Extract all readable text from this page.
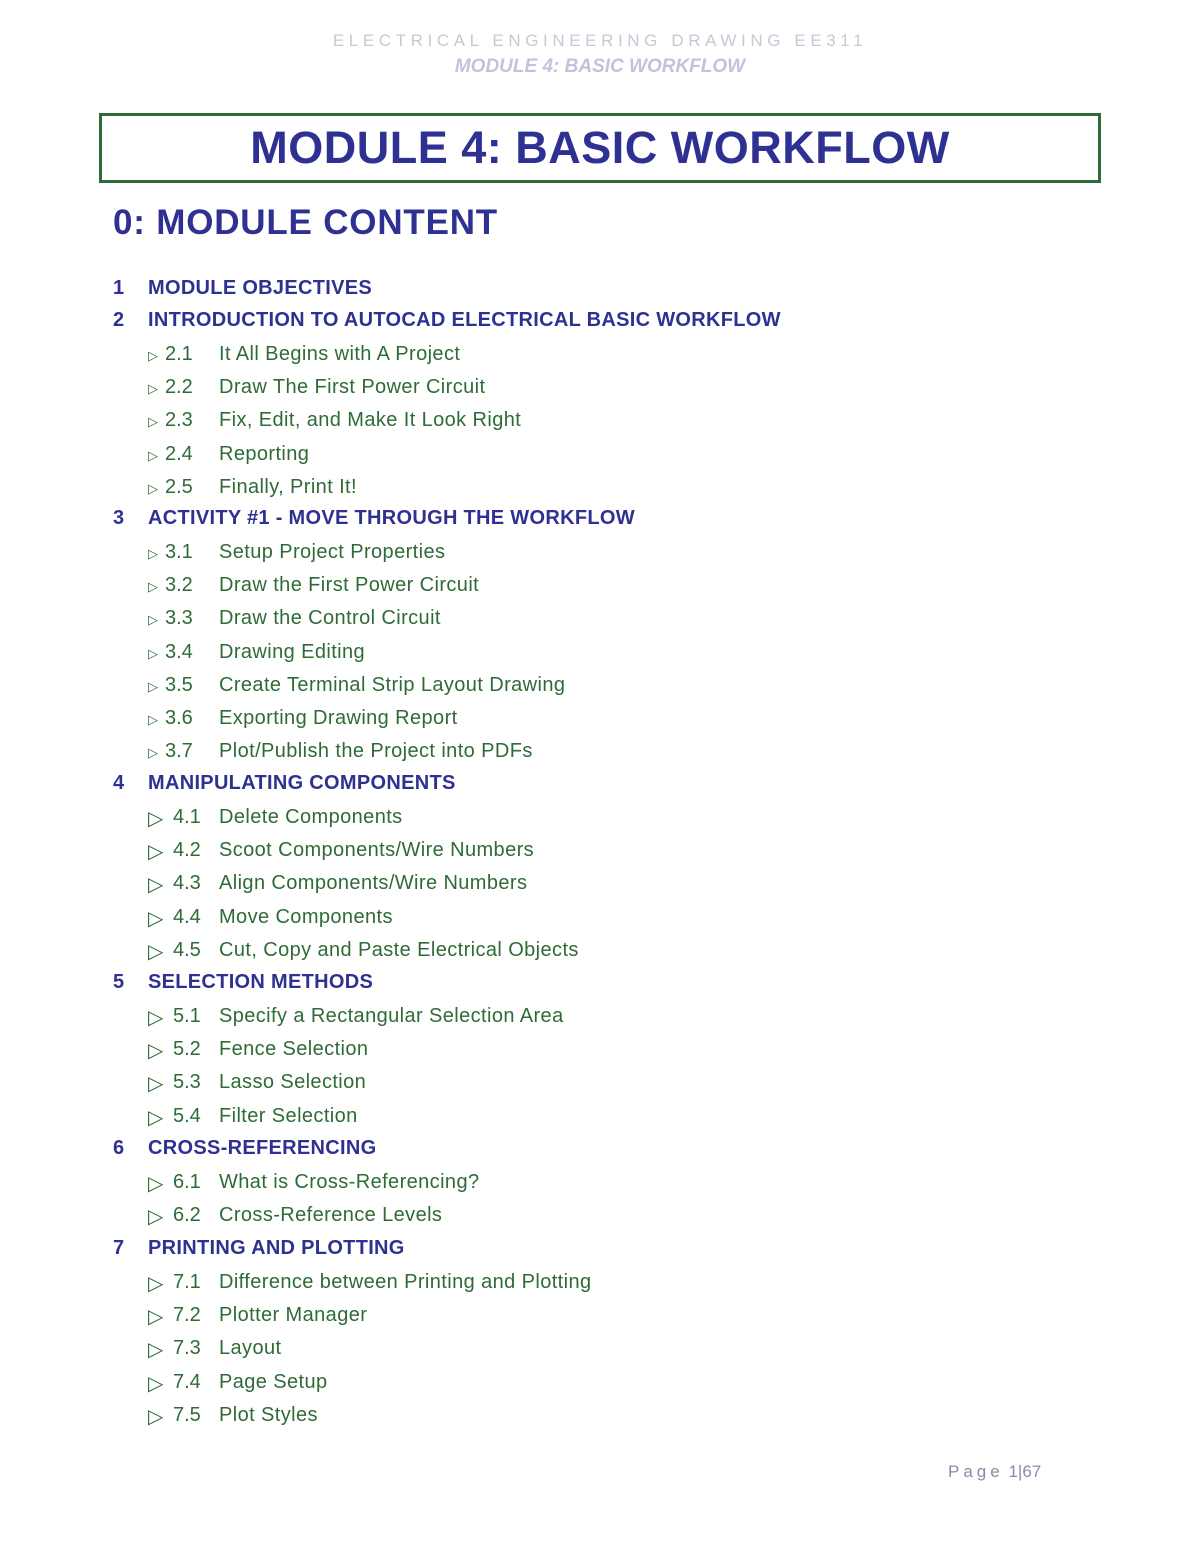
ELECTRICAL ENGINEERING DRAWING EE311
MODULE 4: BASIC WORKFLOW
MODULE 4: BASIC WORKFLOW
0: MODULE CONTENT
1 MODULE OBJECTIVES
2 INTRODUCTION TO AUTOCAD ELECTRICAL BASIC WORKFLOW
▷ 2.1 It All Begins with A Project
▷ 2.2 Draw The First Power Circuit
▷ 2.3 Fix, Edit, and Make It Look Right
▷ 2.4 Reporting
▷ 2.5 Finally, Print It!
3 ACTIVITY #1 - MOVE THROUGH THE WORKFLOW
▷ 3.1 Setup Project Properties
▷ 3.2 Draw the First Power Circuit
▷ 3.3 Draw the Control Circuit
▷ 3.4 Drawing Editing
▷ 3.5 Create Terminal Strip Layout Drawing
▷ 3.6 Exporting Drawing Report
▷ 3.7 Plot/Publish the Project into PDFs
4 MANIPULATING COMPONENTS
▷ 4.1 Delete Components
▷ 4.2 Scoot Components/Wire Numbers
▷ 4.3 Align Components/Wire Numbers
▷ 4.4 Move Components
▷ 4.5 Cut, Copy and Paste Electrical Objects
5 SELECTION METHODS
▷ 5.1 Specify a Rectangular Selection Area
▷ 5.2 Fence Selection
▷ 5.3 Lasso Selection
▷ 5.4 Filter Selection
6 CROSS-REFERENCING
▷ 6.1 What is Cross-Referencing?
▷ 6.2 Cross-Reference Levels
7 PRINTING AND PLOTTING
▷ 7.1 Difference between Printing and Plotting
▷ 7.2 Plotter Manager
▷ 7.3 Layout
▷ 7.4 Page Setup
▷ 7.5 Plot Styles
Page 1|67
